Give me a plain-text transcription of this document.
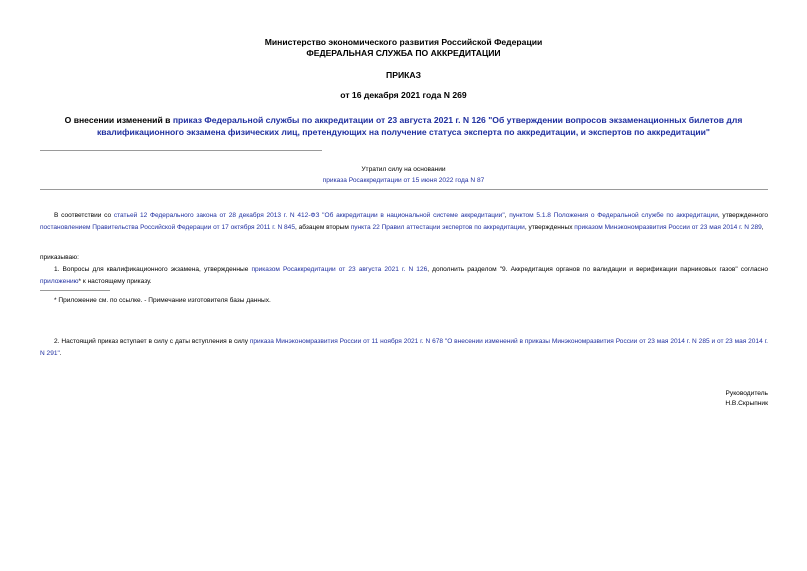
Министерство экономического развития Российской Федерации
ФЕДЕРАЛЬНАЯ СЛУЖБА ПО АККРЕДИТАЦИИ
ПРИКАЗ
от 16 декабря 2021 года N 269
О внесении изменений в приказ Федеральной службы по аккредитации от 23 августа 2021 г. N 126 "Об утверждении вопросов экзаменационных билетов для квалификационного экзамена физических лиц, претендующих на получение статуса эксперта по аккредитации, и экспертов по аккредитации"
Утратил силу на основании
приказа Росаккредитации от 15 июня 2022 года N 87
В соответствии со статьей 12 Федерального закона от 28 декабря 2013 г. N 412-ФЗ "Об аккредитации в национальной системе аккредитации", пунктом 5.1.8 Положения о Федеральной службе по аккредитации, утвержденного постановлением Правительства Российской Федерации от 17 октября 2011 г. N 845, абзацем вторым пункта 22 Правил аттестации экспертов по аккредитации, утвержденных приказом Минэкономразвития России от 23 мая 2014 г. N 289,
приказываю:
1. Вопросы для квалификационного экзамена, утвержденные приказом Росаккредитации от 23 августа 2021 г. N 126, дополнить разделом "9. Аккредитация органов по валидации и верификации парниковых газов" согласно приложению* к настоящему приказу.
* Приложение см. по ссылке. - Примечание изготовителя базы данных.
2. Настоящий приказ вступает в силу с даты вступления в силу приказа Минэкономразвития России от 11 ноября 2021 г. N 678 "О внесении изменений в приказы Минэкономразвития России от 23 мая 2014 г. N 285 и от 23 мая 2014 г. N 291".
Руководитель
Н.В.Скрыпник
